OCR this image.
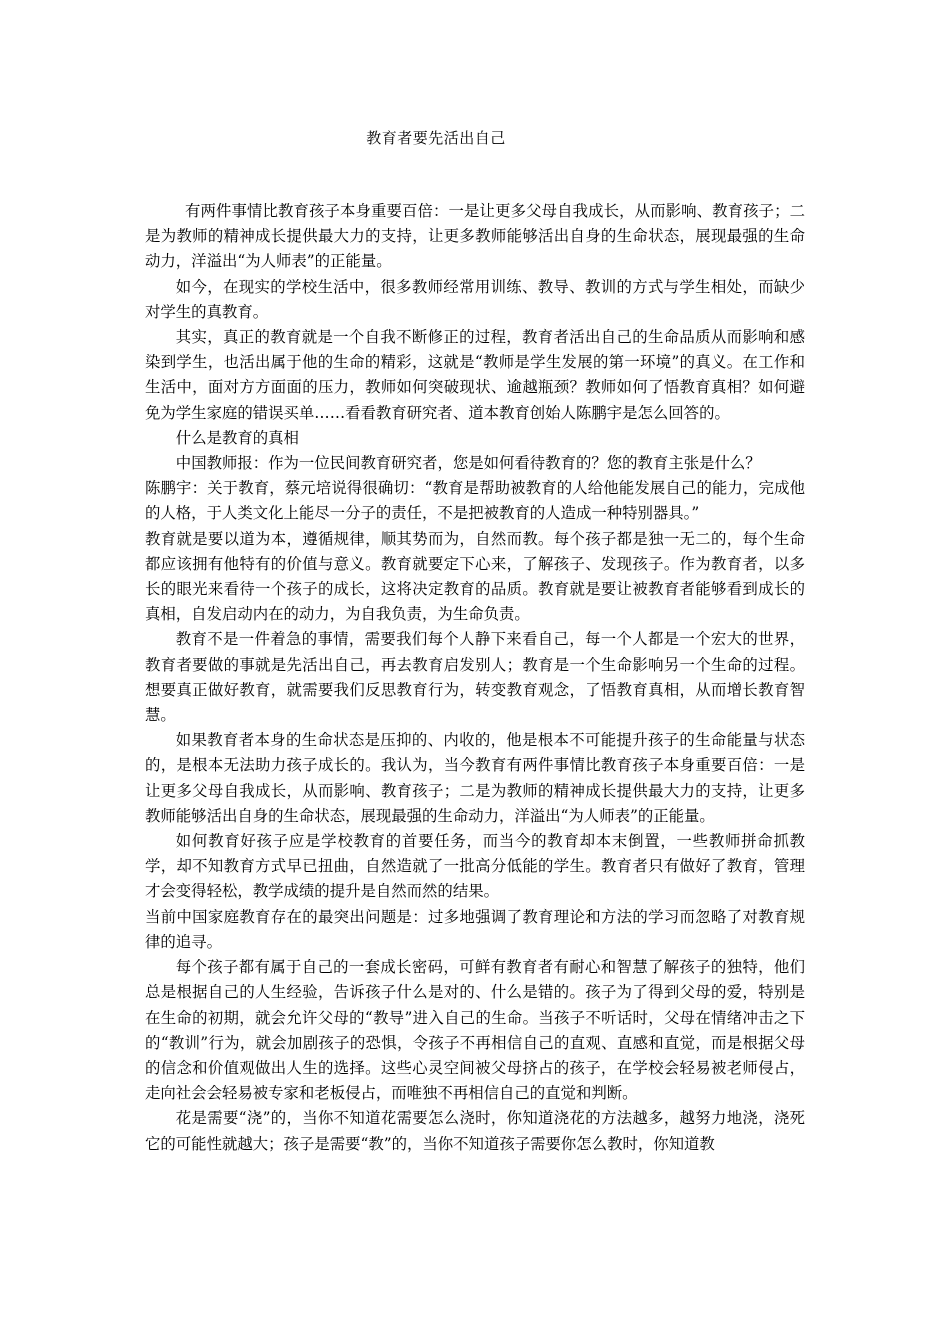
教育者要先活出自己

有两件事情比教育孩子本身重要百倍：一是让更多父母自我成长，从而影响、教育孩子；二是为教师的精神成长提供最大力的支持，让更多教师能够活出自身的生命状态，展现最强的生命动力，洋溢出“为人师表”的正能量。

如今，在现实的学校生活中，很多教师经常用训练、教导、教训的方式与学生相处，而缺少对学生的真教育。

其实，真正的教育就是一个自我不断修正的过程，教育者活出自己的生命品质从而影响和感染到学生，也活出属于他的生命的精彩，这就是“教师是学生发展的第一环境”的真义。在工作和生活中，面对方方面面的压力，教师如何突破现状、逾越瓶颈？教师如何了悟教育真相？如何避免为学生家庭的错误买单……看看教育研究者、道本教育创始人陈鹏宇是怎么回答的。

什么是教育的真相

中国教师报：作为一位民间教育研究者，您是如何看待教育的？您的教育主张是什么？

陈鹏宇：关于教育，蔡元培说得很确切：“教育是帮助被教育的人给他能发展自己的能力，完成他的人格，于人类文化上能尽一分子的责任，不是把被教育的人造成一种特别器具。”

教育就是要以道为本，遵循规律，顺其势而为，自然而教。每个孩子都是独一无二的，每个生命都应该拥有他特有的价值与意义。教育就要定下心来，了解孩子、发现孩子。作为教育者，以多长的眼光来看待一个孩子的成长，这将决定教育的品质。教育就是要让被教育者能够看到成长的真相，自发启动内在的动力，为自我负责，为生命负责。

教育不是一件着急的事情，需要我们每个人静下来看自己，每一个人都是一个宏大的世界，教育者要做的事就是先活出自己，再去教育启发别人；教育是一个生命影响另一个生命的过程。想要真正做好教育，就需要我们反思教育行为，转变教育观念，了悟教育真相，从而增长教育智慧。

如果教育者本身的生命状态是压抑的、内收的，他是根本不可能提升孩子的生命能量与状态的，是根本无法助力孩子成长的。我认为，当今教育有两件事情比教育孩子本身重要百倍：一是让更多父母自我成长，从而影响、教育孩子；二是为教师的精神成长提供最大力的支持，让更多教师能够活出自身的生命状态，展现最强的生命动力，洋溢出“为人师表”的正能量。

如何教育好孩子应是学校教育的首要任务，而当今的教育却本末倒置，一些教师拼命抓教学，却不知教育方式早已扭曲，自然造就了一批高分低能的学生。教育者只有做好了教育，管理才会变得轻松，教学成绩的提升是自然而然的结果。

当前中国家庭教育存在的最突出问题是：过多地强调了教育理论和方法的学习而忽略了对教育规律的追寻。

每个孩子都有属于自己的一套成长密码，可鲜有教育者有耐心和智慧了解孩子的独特，他们总是根据自己的人生经验，告诉孩子什么是对的、什么是错的。孩子为了得到父母的爱，特别是在生命的初期，就会允许父母的“教导”进入自己的生命。当孩子不听话时，父母在情绪冲击之下的“教训”行为，就会加剧孩子的恐惧，令孩子不再相信自己的直观、直感和直觉，而是根据父母的信念和价值观做出人生的选择。这些心灵空间被父母挤占的孩子，在学校会轻易被老师侵占，走向社会会轻易被专家和老板侵占，而唯独不再相信自己的直觉和判断。

花是需要“浇”的，当你不知道花需要怎么浇时，你知道浇花的方法越多，越努力地浇，浇死它的可能性就越大；孩子是需要“教”的，当你不知道孩子需要你怎么教时，你知道教
